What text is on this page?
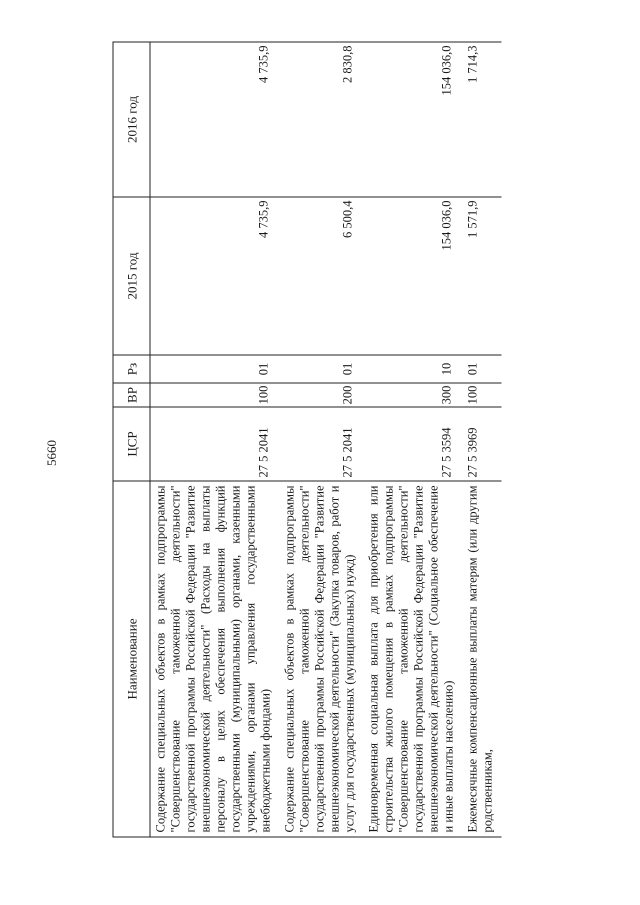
5660
Наименование	ЦСР	ВР	Рз	2015 год	2016 год
Содержание специальных объектов в рамках подпрограммы "Совершенствование таможенной деятельности" государственной программы Российской Федерации "Развитие внешнеэкономической деятельности" (Расходы на выплаты персоналу в целях обеспечения выполнения функций государственными (муниципальными) органами, казенными учреждениями, органами управления государственными внебюджетными фондами)	27 5 2041	100	01	4 735,9	4 735,9
Содержание специальных объектов в рамках подпрограммы "Совершенствование таможенной деятельности" государственной программы Российской Федерации "Развитие внешнеэкономической деятельности" (Закупка товаров, работ и услуг для государственных (муниципальных) нужд)	27 5 2041	200	01	6 500,4	2 830,8
Единовременная социальная выплата для приобретения или строительства жилого помещения в рамках подпрограммы "Совершенствование таможенной деятельности" государственной программы Российской Федерации "Развитие внешнеэкономической деятельности" (Социальное обеспечение и иные выплаты населению)	27 5 3594	300	10	154 036,0	154 036,0
Ежемесячные компенсационные выплаты матерям (или другим родственникам,	27 5 3969	100	01	1 571,9	1 714,3
